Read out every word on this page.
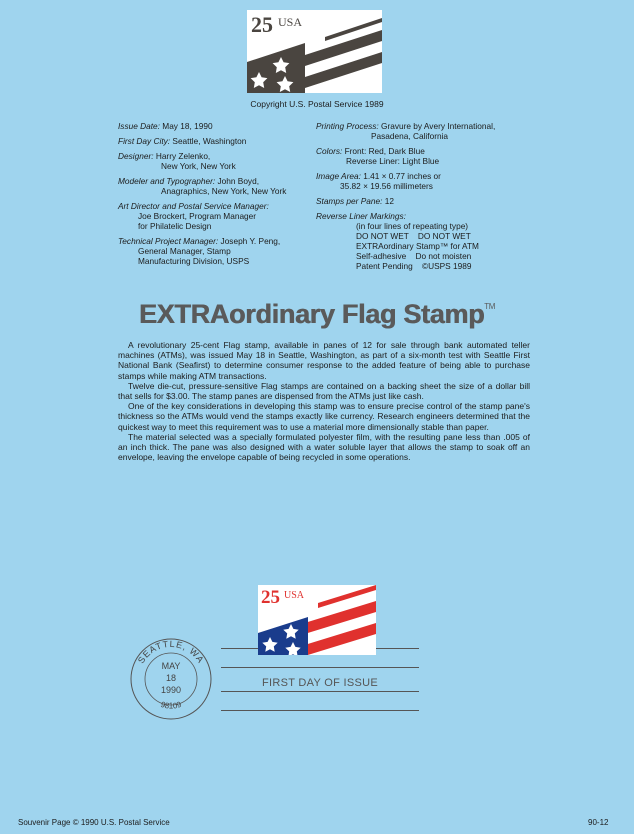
25 USA
Copyright U.S. Postal Service 1989
Issue Date: May 18, 1990
First Day City: Seattle, Washington
Designer: Harry Zelenko,
New York, New York
Modeler and Typographer: John Boyd,
Anagraphics, New York, New York
Art Director and Postal Service Manager:
Joe Brockert, Program Manager
for Philatelic Design
Technical Project Manager: Joseph Y. Peng,
General Manager, Stamp
Manufacturing Division, USPS
Printing Process: Gravure by Avery International,
Pasadena, California
Colors: Front: Red, Dark Blue
Reverse Liner: Light Blue
Image Area: 1.41 × 0.77 inches or
35.82 × 19.56 millimeters
Stamps per Pane: 12
Reverse Liner Markings:
(in four lines of repeating type)
DO NOT WET    DO NOT WET
EXTRAordinary Stamp™ for ATM
Self-adhesive    Do not moisten
Patent Pending    ©USPS 1989
EXTRAordinary Flag Stamp™

A revolutionary 25-cent Flag stamp, available in panes of 12 for sale through bank automated teller machines (ATMs), was issued May 18 in Seattle, Washington, as part of a six-month test with Seattle First National Bank (Seafirst) to determine consumer response to the added feature of being able to purchase stamps while making ATM transactions.

Twelve die-cut, pressure-sensitive Flag stamps are contained on a backing sheet the size of a dollar bill that sells for $3.00. The stamp panes are dispensed from the ATMs just like cash.

One of the key considerations in developing this stamp was to ensure precise control of the stamp pane's thickness so the ATMs would vend the stamps exactly like currency. Research engineers determined that the quickest way to meet this requirement was to use a material more dimensionally stable than paper.

The material selected was a specially formulated polyester film, with the resulting pane less than .005 of an inch thick. The pane was also designed with a water soluble layer that allows the stamp to soak off an envelope, leaving the envelope capable of being recycled in some operations.

FIRST DAY OF ISSUE
25 USA
SEATTLE, WA
98109
MAY
18
1990
Souvenir Page © 1990 U.S. Postal Service	90-12
